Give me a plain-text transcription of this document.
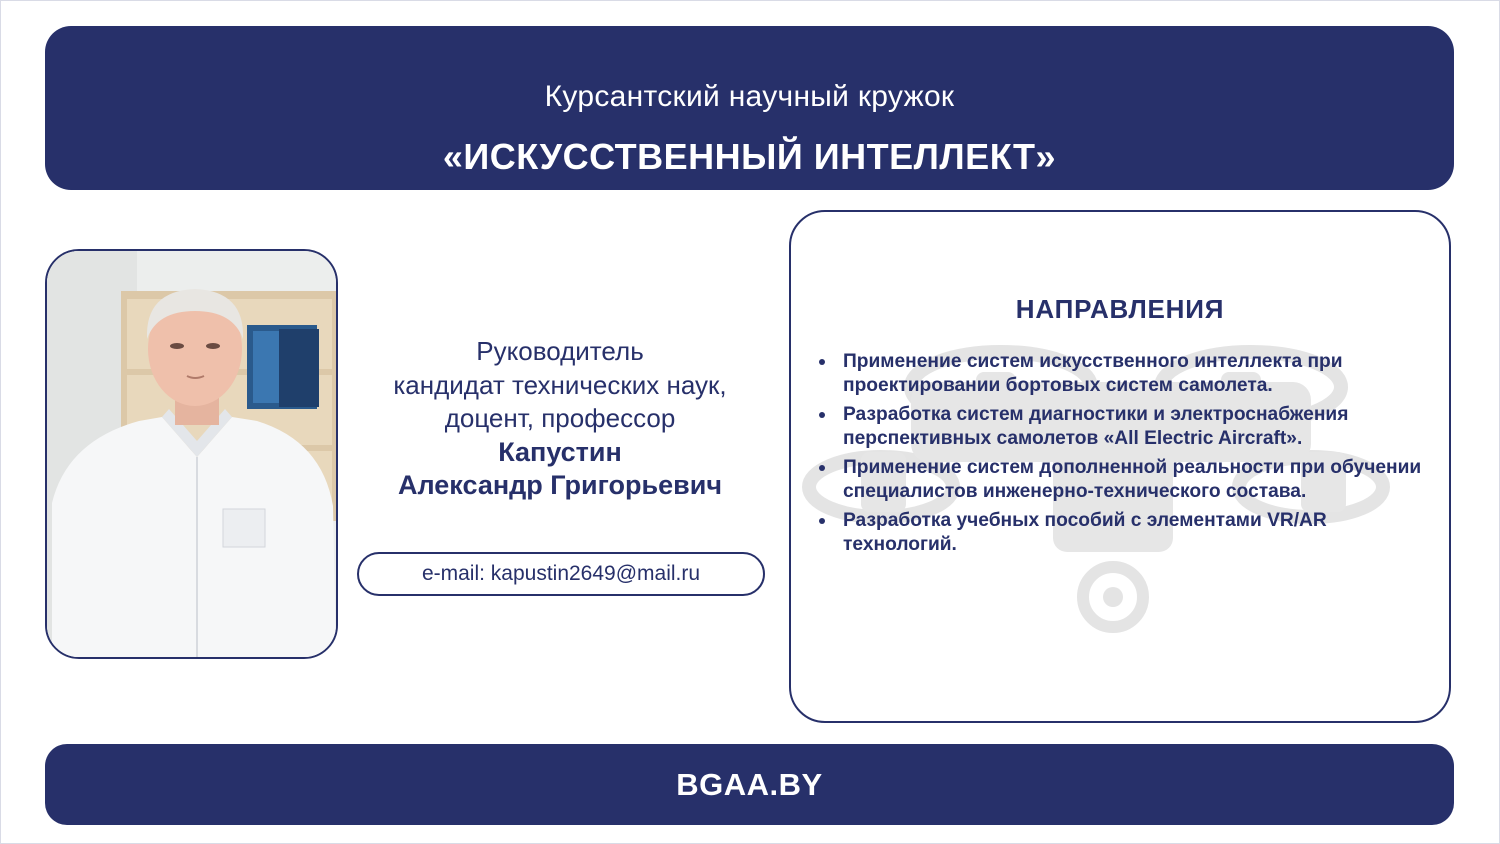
Курсантский научный кружок
«ИСКУССТВЕННЫЙ ИНТЕЛЛЕКТ»
Руководитель
кандидат технических наук,
доцент, профессор
Капустин
Александр Григорьевич
e-mail: kapustin2649@mail.ru
НАПРАВЛЕНИЯ
Применение систем искусственного интеллекта при проектировании бортовых систем самолета.
Разработка систем диагностики и электроснабжения перспективных самолетов «All Electric Aircraft».
Применение систем дополненной реальности при обучении специалистов инженерно-технического состава.
Разработка учебных пособий с элементами VR/AR технологий.
BGAA.BY
